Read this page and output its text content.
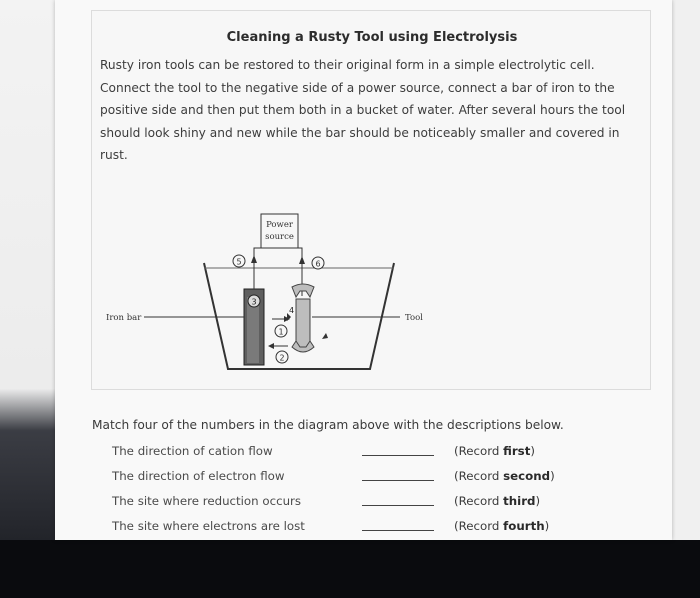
Cleaning a Rusty Tool using Electrolysis
Rusty iron tools can be restored to their original form in a simple electrolytic cell. Connect the tool to the negative side of a power source, connect a bar of iron to the positive side and then put them both in a bucket of water. After several hours the tool should look shiny and new while the bar should be noticeably smaller and covered in rust.
Power
source
5	6
3
4
1
2
Iron bar	Tool
Match four of the numbers in the diagram above with the descriptions below.
The direction of cation flow	(Record first)
The direction of electron flow	(Record second)
The site where reduction occurs	(Record third)
The site where electrons are lost	(Record fourth)
